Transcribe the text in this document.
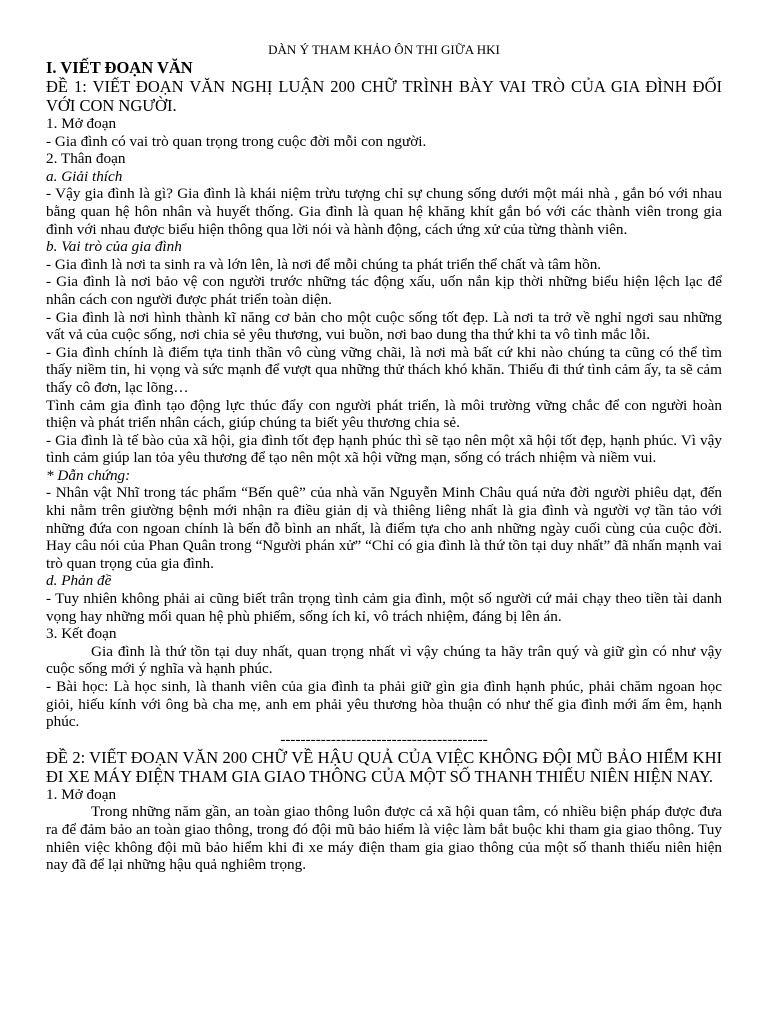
DÀN Ý THAM KHẢO ÔN THI GIỮA HKI
I. VIẾT ĐOẠN VĂN
ĐỀ 1: VIẾT ĐOẠN VĂN NGHỊ LUẬN 200 CHỮ TRÌNH BÀY VAI TRÒ CỦA GIA ĐÌNH ĐỐI VỚI CON NGƯỜI.

1. Mở đoạn

- Gia đình có vai trò quan trọng trong cuộc đời mỗi con người.

2. Thân đoạn

a. Giải thích

- Vậy gia đình là gì? Gia đình là khái niệm trừu tượng chỉ sự chung sống dưới một mái nhà , gắn bó với nhau bằng quan hệ hôn nhân và huyết thống. Gia đình là quan hệ khăng khít gắn bó với các thành viên trong gia đình với nhau được biểu hiện thông qua lời nói và hành động, cách ứng xử của từng thành viên.

b. Vai trò của gia đình

- Gia đình là nơi ta sinh ra và lớn lên, là nơi để mỗi chúng ta phát triển thể chất và tâm hồn.

- Gia đình là nơi bảo vệ con người trước những tác động xấu, uốn nắn kịp thời những biểu hiện lệch lạc để nhân cách con người được phát triển toàn diện.

- Gia đình là nơi hình thành kĩ năng cơ bản cho một cuộc sống tốt đẹp. Là nơi ta trở về nghỉ ngơi sau những vất vả của cuộc sống, nơi chia sẻ yêu thương, vui buồn, nơi bao dung tha thứ khi ta vô tình mắc lỗi.

- Gia đình chính là điểm tựa tinh thần vô cùng vững chãi, là nơi mà bất cứ khi nào chúng ta cũng có thể tìm thấy niềm tin, hi vọng và sức mạnh để vượt qua những thử thách khó khăn. Thiếu đi thứ tình cảm ấy, ta sẽ cảm thấy cô đơn, lạc lõng…

Tình cảm gia đình tạo động lực thúc đẩy con người phát triển, là môi trường vững chắc để con người hoàn thiện và phát triển nhân cách, giúp chúng ta biết yêu thương chia sẻ.

- Gia đình là tế bào của xã hội, gia đình tốt đẹp hạnh phúc thì sẽ tạo nên một xã hội tốt đẹp, hạnh phúc. Vì vậy tình cảm giúp lan tỏa yêu thương để tạo nên một xã hội vững mạn, sống có trách nhiệm và niềm vui.

* Dẫn chứng:

- Nhân vật Nhĩ trong tác phẩm “Bến quê” của nhà văn Nguyễn Minh Châu quá nửa đời người phiêu dạt, đến khi nằm trên giường bệnh mới nhận ra điều giản dị và thiêng liêng nhất là gia đình và người vợ tần tảo với những đứa con ngoan chính là bến đỗ bình an nhất, là điểm tựa cho anh những ngày cuối cùng của cuộc đời. Hay câu nói của Phan Quân trong “Người phán xử” “Chỉ có gia đình là thứ tồn tại duy nhất” đã nhấn mạnh vai trò quan trọng của gia đình.

d. Phản đề

- Tuy nhiên không phải ai cũng biết trân trọng tình cảm gia đình, một số người cứ mải chạy theo tiền tài danh vọng hay những mối quan hệ phù phiếm, sống ích kỉ, vô trách nhiệm, đáng bị lên án.

3. Kết đoạn

Gia đình là thứ tồn tại duy nhất, quan trọng nhất vì vậy chúng ta hãy trân quý và giữ gìn có như vậy cuộc sống mới ý nghĩa và hạnh phúc.

- Bài học: Là học sinh, là thanh viên của gia đình ta phải giữ gìn gia đình hạnh phúc, phải chăm ngoan học giỏi, hiếu kính với ông bà cha mẹ, anh em phải yêu thương hòa thuận có như thế gia đình mới ấm êm, hạnh phúc.

-----------------------------------------
ĐỀ 2: VIẾT ĐOẠN VĂN 200 CHỮ VỀ HẬU QUẢ CỦA VIỆC KHÔNG ĐỘI MŨ BẢO HIỂM KHI ĐI XE MÁY ĐIỆN THAM GIA GIAO THÔNG CỦA MỘT SỐ THANH THIẾU NIÊN HIỆN NAY.

1. Mở đoạn

Trong những năm gần, an toàn giao thông luôn được cả xã hội quan tâm, có nhiều biện pháp được đưa ra để đảm bảo an toàn giao thông, trong đó đội mũ bảo hiểm là việc làm bắt buộc khi tham gia giao thông. Tuy nhiên việc không đội mũ bảo hiểm khi đi xe máy điện tham gia giao thông của một số thanh thiếu niên hiện nay đã để lại những hậu quả nghiêm trọng.
